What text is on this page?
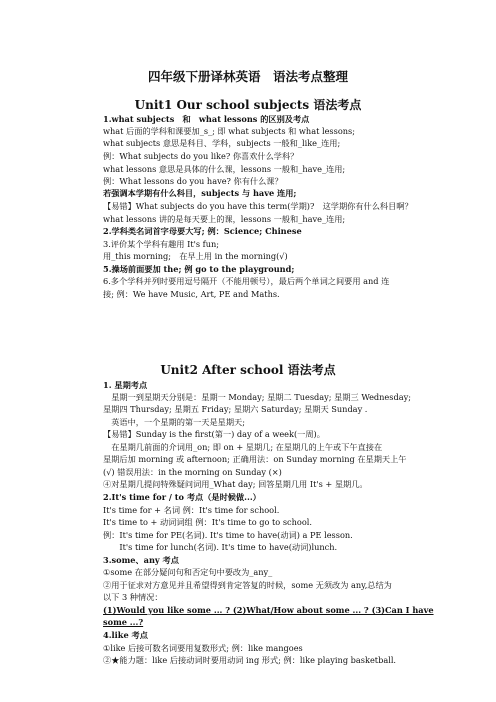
四年级下册译林英语　语法考点整理
Unit1 Our school subjects 语法考点
1.what subjects　和　what lessons 的区别及考点
what 后面的学科和课要加_s_; 即 what subjects 和 what lessons;
what subjects 意思是科目、学科，subjects 一般和_like_连用;
例：What subjects do you like? 你喜欢什么学科？
what lessons 意思是具体的什么课，lessons 一般和_have_连用;
例：What lessons do you have? 你有什么课？
若强调本学期有什么科目，subjects 与 have 连用;
【易错】What subjects do you have this term(学期)?　这学期你有什么科目啊？
what lessons 讲的是每天要上的课，lessons 一般和_have_连用;
2.学科类名词首字母要大写; 例：Science; Chinese
3.评价某个学科有趣用 It's fun;
用_this morning;　在早上用 in the morning(√)
5.操场前面要加 the; 例 go to the playground;
6.多个学科并列时要用逗号隔开（不能用顿号），最后两个单词之间要用 and 连
接; 例：We have Music, Art, PE and Maths.
Unit2 After school 语法考点
1. 星期考点
　星期一到星期天分别是：星期一 Monday; 星期二 Tuesday; 星期三 Wednesday;
星期四 Thursday; 星期五 Friday; 星期六 Saturday; 星期天 Sunday .
　英语中，一个星期的第一天是星期天;
【易错】Sunday is the first(第一) day of a week(一周)。
　在星期几前面的介词用_on; 即 on + 星期几; 在星期几的上午或下午直接在
星期后加 morning 或 afternoon; 正确用法：on Sunday morning 在星期天上午
(√) 错误用法：in the morning on Sunday (×)
④对星期几提问特殊疑问词用_What day; 回答星期几用 It's + 星期几。
2.It's time for / to 考点（是时候做...）
It's time for + 名词 例：It's time for school.
It's time to + 动词词组 例：It's time to go to school.
例：It's time for PE(名词). It's time to have(动词) a PE lesson.
　　It's time for lunch(名词). It's time to have(动词)lunch.
3.some、any 考点
①some 在部分疑问句和否定句中要改为_any_
②用于征求对方意见并且希望得到肯定答复的时候，some 无须改为 any,总结为
以下 3 种情况：
(1)Would you like some ... ? (2)What/How about some ... ? (3)Can I have
some ...?
4.like 考点
①like 后接可数名词要用复数形式; 例：like mangoes
②★能力题：like 后接动词时要用动词 ing 形式; 例：like playing basketball.
